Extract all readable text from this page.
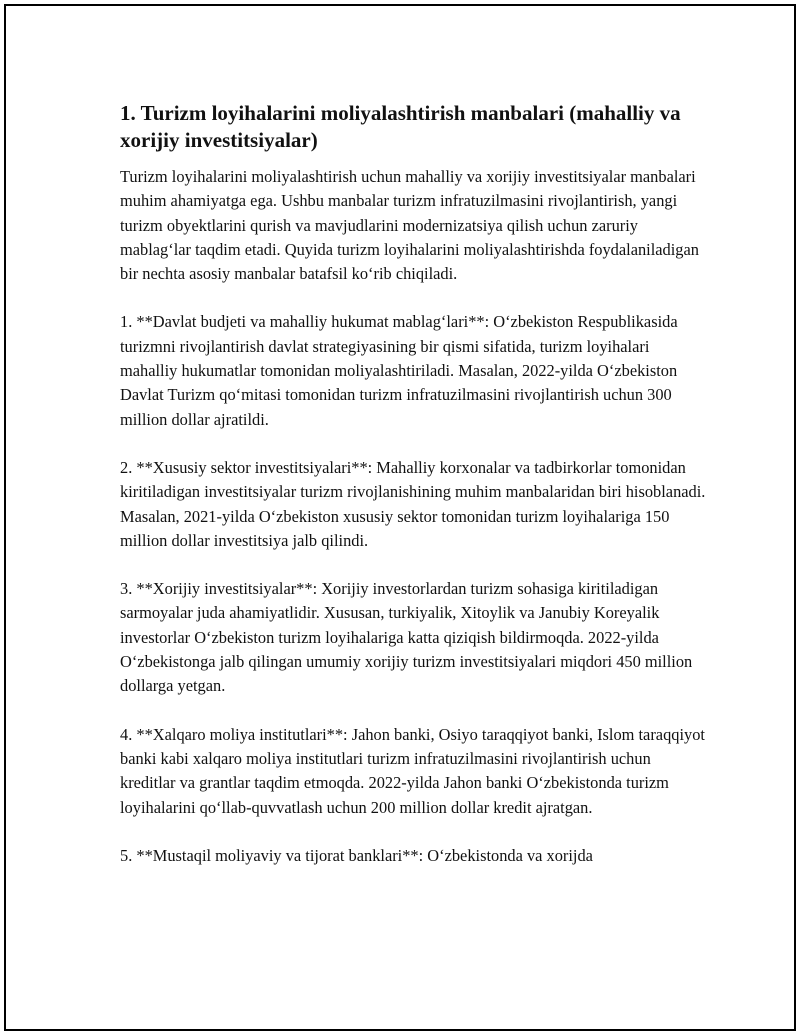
1. Turizm loyihalarini moliyalashtirish manbalari (mahalliy va xorijiy investitsiyalar)

Turizm loyihalarini moliyalashtirish uchun mahalliy va xorijiy investitsiyalar manbalari muhim ahamiyatga ega. Ushbu manbalar turizm infratuzilmasini rivojlantirish, yangi turizm obyektlarini qurish va mavjudlarini modernizatsiya qilish uchun zaruriy mablag‘lar taqdim etadi. Quyida turizm loyihalarini moliyalashtirishda foydalaniladigan bir nechta asosiy manbalar batafsil ko‘rib chiqiladi.

1. **Davlat budjeti va mahalliy hukumat mablag‘lari**: O‘zbekiston Respublikasida turizmni rivojlantirish davlat strategiyasining bir qismi sifatida, turizm loyihalari mahalliy hukumatlar tomonidan moliyalashtiriladi. Masalan, 2022-yilda O‘zbekiston Davlat Turizm qo‘mitasi tomonidan turizm infratuzilmasini rivojlantirish uchun 300 million dollar ajratildi.

2. **Xususiy sektor investitsiyalari**: Mahalliy korxonalar va tadbirkorlar tomonidan kiritiladigan investitsiyalar turizm rivojlanishining muhim manbalaridan biri hisoblanadi. Masalan, 2021-yilda O‘zbekiston xususiy sektor tomonidan turizm loyihalariga 150 million dollar investitsiya jalb qilindi.

3. **Xorijiy investitsiyalar**: Xorijiy investorlardan turizm sohasiga kiritiladigan sarmoyalar juda ahamiyatlidir. Xususan, turkiyalik, Xitoylik va Janubiy Koreyalik investorlar O‘zbekiston turizm loyihalariga katta qiziqish bildirmoqda. 2022-yilda O‘zbekistonga jalb qilingan umumiy xorijiy turizm investitsiyalari miqdori 450 million dollarga yetgan.

4. **Xalqaro moliya institutlari**: Jahon banki, Osiyo taraqqiyot banki, Islom taraqqiyot banki kabi xalqaro moliya institutlari turizm infratuzilmasini rivojlantirish uchun kreditlar va grantlar taqdim etmoqda. 2022-yilda Jahon banki O‘zbekistonda turizm loyihalarini qo‘llab-quvvatlash uchun 200 million dollar kredit ajratgan.

5. **Mustaqil moliyaviy va tijorat banklari**: O‘zbekistonda va xorijda
